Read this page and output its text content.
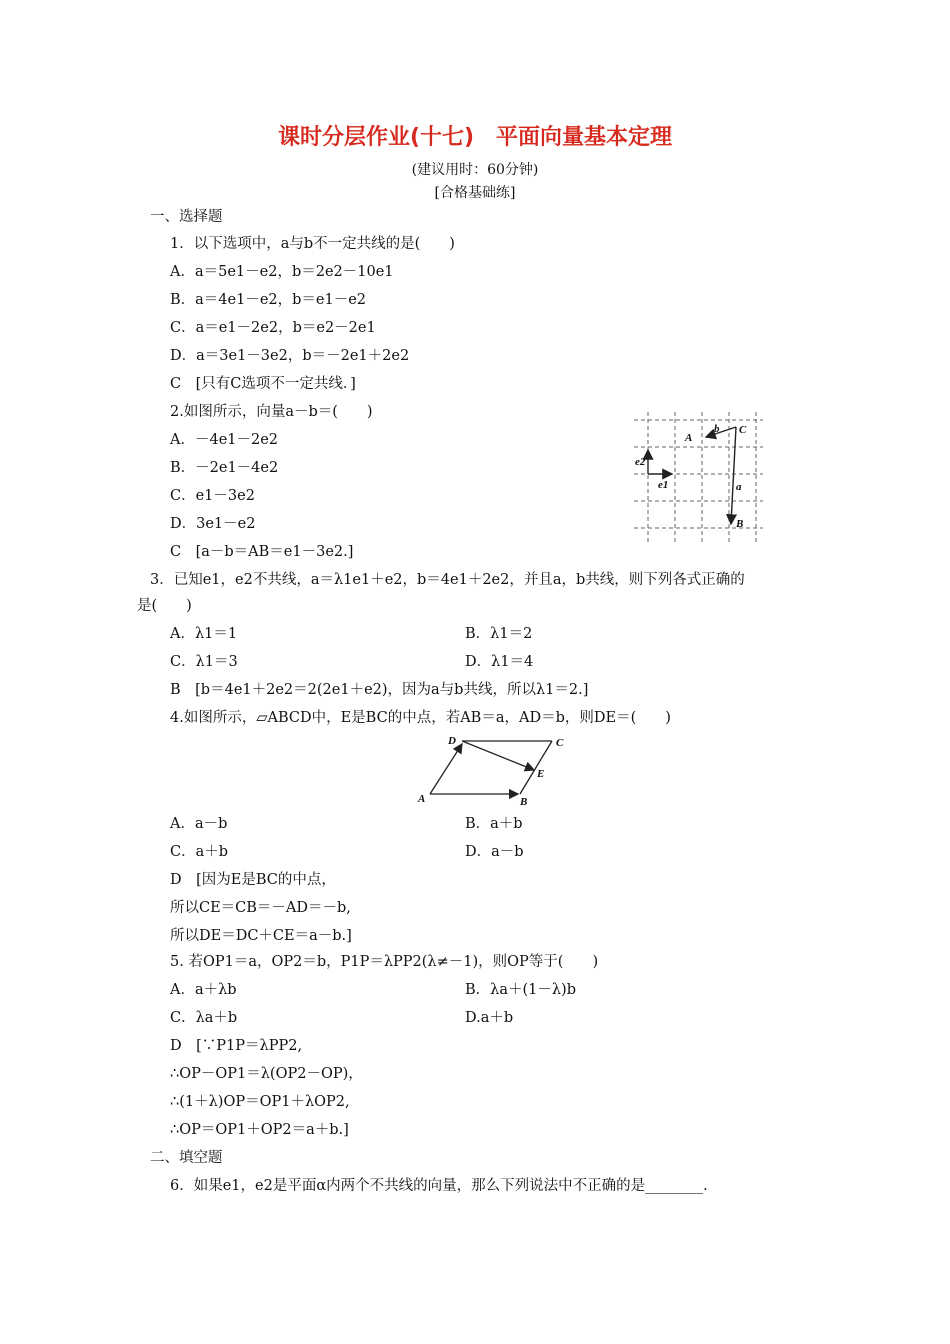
课时分层作业(十七)　平面向量基本定理
(建议用时：60分钟)
[合格基础练]
一、选择题
1．以下选项中，a与b不一定共线的是(　　)
A．a＝5e1－e2，b＝2e2－10e1
B．a＝4e1－e2，b＝e1－e2
C．a＝e1－2e2，b＝e2－2e1
D．a＝3e1－3e2，b＝－2e1＋2e2
C　[只有C选项不一定共线．]
2.如图所示，向量a－b＝(　　)
A．－4e1－2e2
B．－2e1－4e2
C．e1－3e2
D．3e1－e2
C　[a－b＝AB＝e1－3e2.]
A
b C
a
B
e2
e1
3．已知e1，e2不共线，a＝λ1e1＋e2，b＝4e1＋2e2，并且a，b共线，则下列各式正确的
是(　　)
A．λ1＝1	B．λ1＝2
C．λ1＝3	D．λ1＝4
B　[b＝4e1＋2e2＝2(2e1＋e2)，因为a与b共线，所以λ1＝2.]
4.如图所示，▱ABCD中，E是BC的中点，若AB＝a，AD＝b，则DE＝(　　)
D	C
E
A	B
A．a－b	B．a＋b
C．a＋b	D．a－b
D　[因为E是BC的中点，
所以CE＝CB＝－AD＝－b,
所以DE＝DC＋CE＝a－b.]
5. 若OP1＝a，OP2＝b，P1P＝λPP2(λ≠－1)，则OP等于(　　)
A．a＋λb	B．λa＋(1－λ)b
C．λa＋b	D.a＋b
D　[∵P1P＝λPP2,
∴OP－OP1＝λ(OP2－OP)，
∴(1＋λ)OP＝OP1＋λOP2,
∴OP＝OP1＋OP2＝a＋b.]
二、填空题
6．如果e1，e2是平面α内两个不共线的向量，那么下列说法中不正确的是________.
